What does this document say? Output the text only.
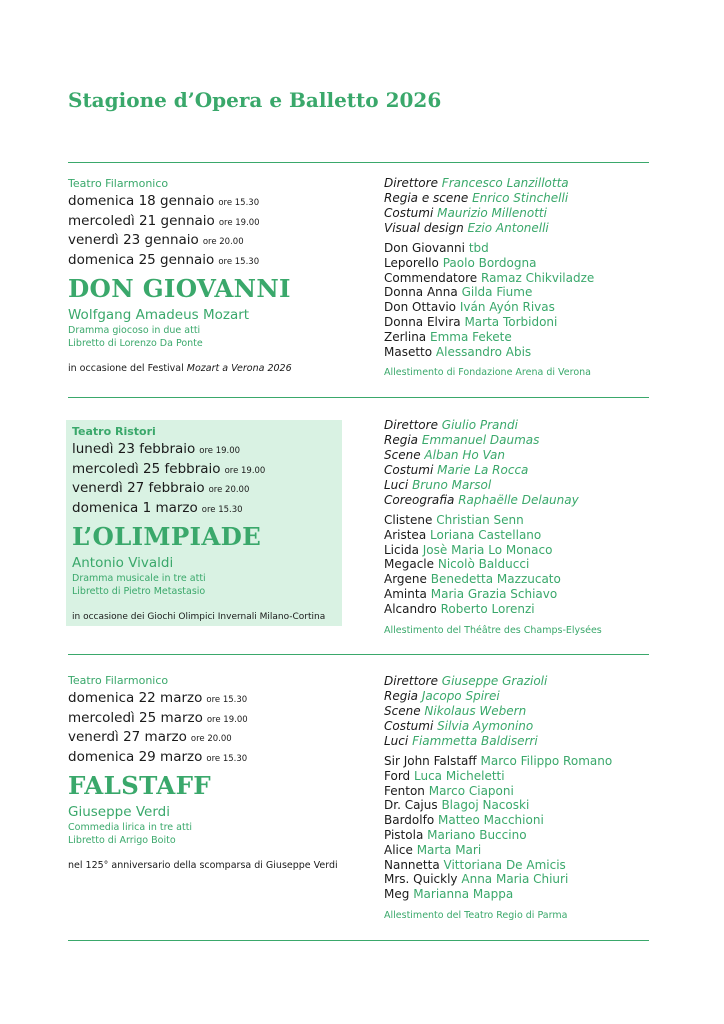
Stagione d’Opera e Balletto 2026
Teatro Filarmonico
domenica 18 gennaio ore 15.30
mercoledì 21 gennaio ore 19.00
venerdì 23 gennaio ore 20.00
domenica 25 gennaio ore 15.30
DON GIOVANNI
Wolfgang Amadeus Mozart
Dramma giocoso in due atti
Libretto di Lorenzo Da Ponte
in occasione del Festival Mozart a Verona 2026
Direttore Francesco Lanzillotta
Regia e scene Enrico Stinchelli
Costumi Maurizio Millenotti
Visual design Ezio Antonelli
Don Giovanni tbd
Leporello Paolo Bordogna
Commendatore Ramaz Chikviladze
Donna Anna Gilda Fiume
Don Ottavio Iván Ayón Rivas
Donna Elvira Marta Torbidoni
Zerlina Emma Fekete
Masetto Alessandro Abis
Allestimento di Fondazione Arena di Verona
Teatro Ristori
lunedì 23 febbraio ore 19.00
mercoledì 25 febbraio ore 19.00
venerdì 27 febbraio ore 20.00
domenica 1 marzo ore 15.30
L’OLIMPIADE
Antonio Vivaldi
Dramma musicale in tre atti
Libretto di Pietro Metastasio
in occasione dei Giochi Olimpici Invernali Milano-Cortina
Direttore Giulio Prandi
Regia Emmanuel Daumas
Scene Alban Ho Van
Costumi Marie La Rocca
Luci Bruno Marsol
Coreografia Raphaëlle Delaunay
Clistene Christian Senn
Aristea Loriana Castellano
Licida Josè Maria Lo Monaco
Megacle Nicolò Balducci
Argene Benedetta Mazzucato
Aminta Maria Grazia Schiavo
Alcandro Roberto Lorenzi
Allestimento del Théâtre des Champs-Elysées
Teatro Filarmonico
domenica 22 marzo ore 15.30
mercoledì 25 marzo ore 19.00
venerdì 27 marzo ore 20.00
domenica 29 marzo ore 15.30
FALSTAFF
Giuseppe Verdi
Commedia lirica in tre atti
Libretto di Arrigo Boito
nel 125° anniversario della scomparsa di Giuseppe Verdi
Direttore Giuseppe Grazioli
Regia Jacopo Spirei
Scene Nikolaus Webern
Costumi Silvia Aymonino
Luci Fiammetta Baldiserri
Sir John Falstaff Marco Filippo Romano
Ford Luca Micheletti
Fenton Marco Ciaponi
Dr. Cajus Blagoj Nacoski
Bardolfo Matteo Macchioni
Pistola Mariano Buccino
Alice Marta Mari
Nannetta Vittoriana De Amicis
Mrs. Quickly Anna Maria Chiuri
Meg Marianna Mappa
Allestimento del Teatro Regio di Parma
